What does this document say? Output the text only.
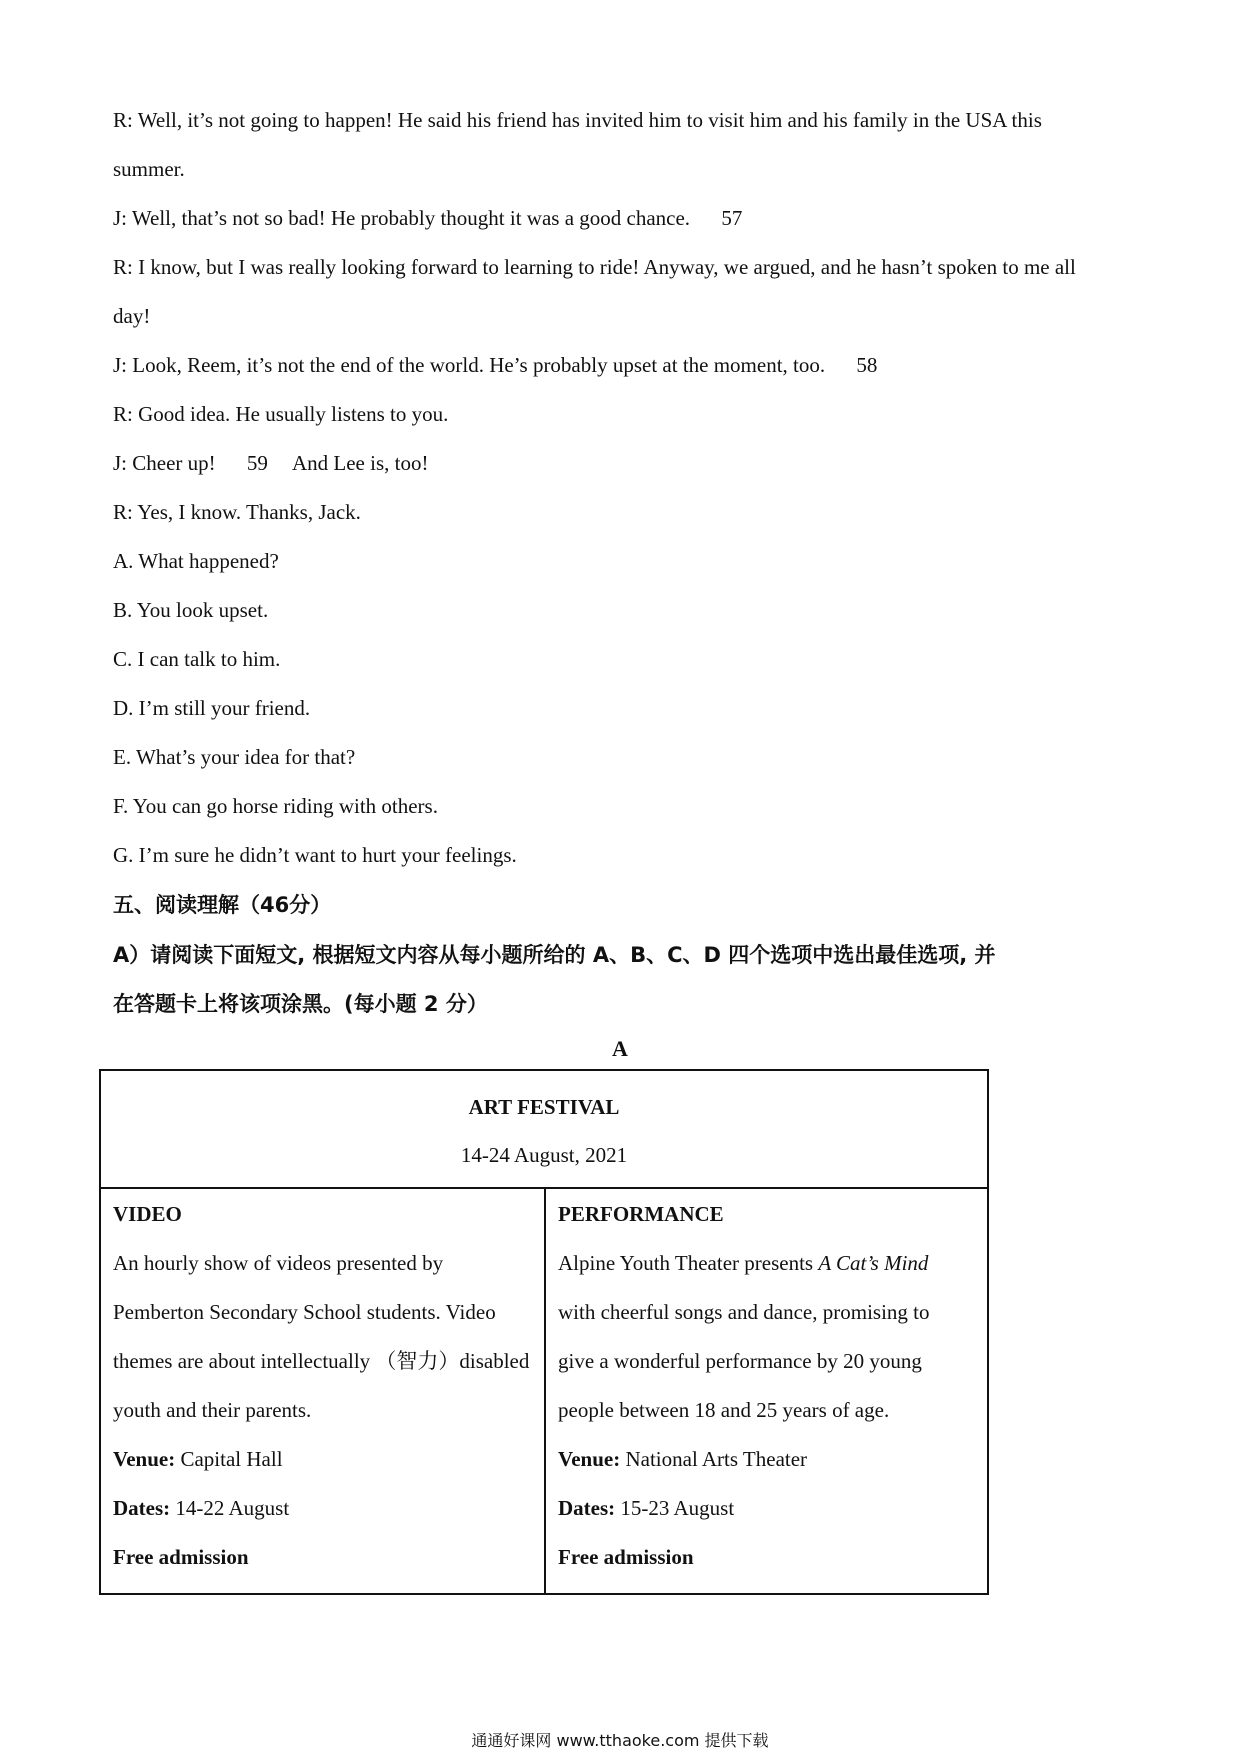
R: Well, it’s not going to happen! He said his friend has invited him to visit him and his family in the USA this
summer.
J: Well, that’s not so bad! He probably thought it was a good chance. 57
R: I know, but I was really looking forward to learning to ride! Anyway, we argued, and he hasn’t spoken to me all
day!
J: Look, Reem, it’s not the end of the world. He’s probably upset at the moment, too. 58
R: Good idea. He usually listens to you.
J: Cheer up! 59 And Lee is, too!
R: Yes, I know. Thanks, Jack.
A. What happened?
B. You look upset.
C. I can talk to him.
D. I’m still your friend.
E. What’s your idea for that?
F. You can go horse riding with others.
G. I’m sure he didn’t want to hurt your feelings.
五、阅读理解（46分）
A）请阅读下面短文, 根据短文内容从每小题所给的 A、B、C、D 四个选项中选出最佳选项, 并
在答题卡上将该项涂黑。(每小题 2 分）
A
ART FESTIVAL
14-24 August, 2021
VIDEO
An hourly show of videos presented by
Pemberton Secondary School students. Video
themes are about intellectually （智力）disabled
youth and their parents.
Venue: Capital Hall
Dates: 14-22 August
Free admission
PERFORMANCE
Alpine Youth Theater presents A Cat’s Mind
with cheerful songs and dance, promising to
give a wonderful performance by 20 young
people between 18 and 25 years of age.
Venue: National Arts Theater
Dates: 15-23 August
Free admission
通通好课网 www.tthaoke.com 提供下载
